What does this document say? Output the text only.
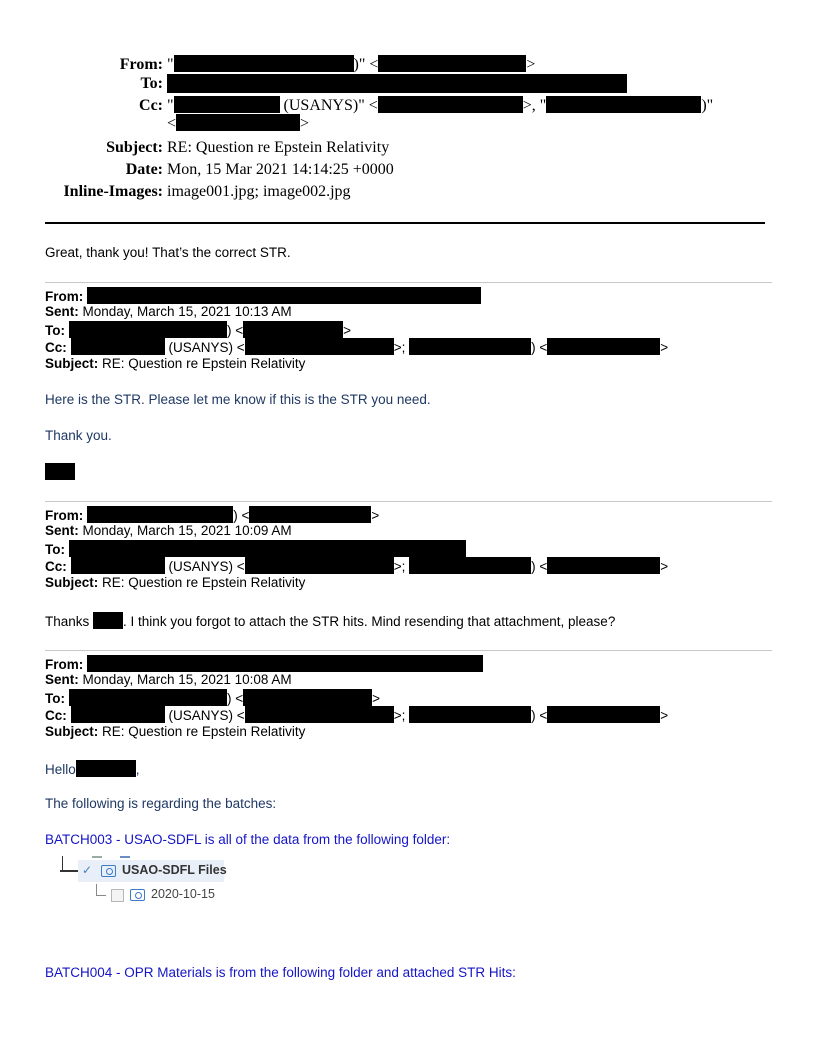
From: "	)" <	>
To:
Cc: "	(USANYS)" <	>, "	)"
<	>
Subject: RE: Question re Epstein Relativity
Date: Mon, 15 Mar 2021 14:14:25 +0000
Inline-Images: image001.jpg; image002.jpg
Great, thank you! That’s the correct STR.
From:
Sent: Monday, March 15, 2021 10:13 AM
To:	) <	>
Cc:	(USANYS) <	>;	) <	>
Subject: RE: Question re Epstein Relativity
Here is the STR. Please let me know if this is the STR you need.
Thank you.
From:	) <	>
Sent: Monday, March 15, 2021 10:09 AM
To:
Cc:	(USANYS) <	>;	) <	>
Subject: RE: Question re Epstein Relativity
Thanks	. I think you forgot to attach the STR hits. Mind resending that attachment, please?
From:
Sent: Monday, March 15, 2021 10:08 AM
To:	) <	>
Cc:	(USANYS) <	>;	) <	>
Subject: RE: Question re Epstein Relativity
Hello	,
The following is regarding the batches:
BATCH003 - USAO-SDFL is all of the data from the following folder:
BATCH004 - OPR Materials is from the following folder and attached STR Hits:
✓ USAO-SDFL Files
2020-10-15
